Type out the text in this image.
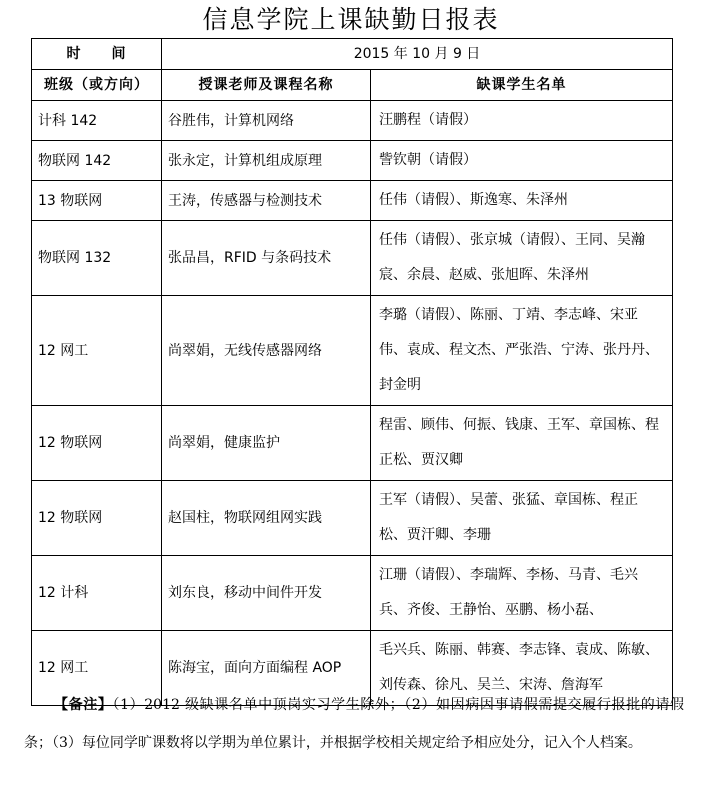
信息学院上课缺勤日报表
时　　间	2015 年 10 月 9 日	
班级（或方向）	授课老师及课程名称	缺课学生名单
计科 142	谷胜伟，计算机网络	汪鹏程（请假）
物联网 142	张永定，计算机组成原理	訾钦朝（请假）
13 物联网	王涛，传感器与检测技术	任伟（请假）、斯逸寒、朱泽州
物联网 132	张品昌，RFID 与条码技术	任伟（请假）、张京城（请假）、王同、吴瀚宸、余晨、赵威、张旭晖、朱泽州
12 网工	尚翠娟，无线传感器网络	李璐（请假）、陈丽、丁靖、李志峰、宋亚伟、袁成、程文杰、严张浩、宁涛、张丹丹、封金明
12 物联网	尚翠娟，健康监护	程雷、顾伟、何振、钱康、王军、章国栋、程正松、贾汉卿
12 物联网	赵国柱，物联网组网实践	王军（请假）、吴蕾、张猛、章国栋、程正松、贾汗卿、李珊
12 计科	刘东良，移动中间件开发	江珊（请假）、李瑞辉、李杨、马青、毛兴兵、齐俊、王静怡、巫鹏、杨小磊、
12 网工	陈海宝，面向方面编程 AOP	毛兴兵、陈丽、韩赛、李志锋、袁成、陈敏、刘传森、徐凡、吴兰、宋涛、詹海军
【备注】（1）2012 级缺课名单中顶岗实习学生除外；（2）如因病因事请假需提交履行报批的请假条；（3）每位同学旷课数将以学期为单位累计，并根据学校相关规定给予相应处分，记入个人档案。
